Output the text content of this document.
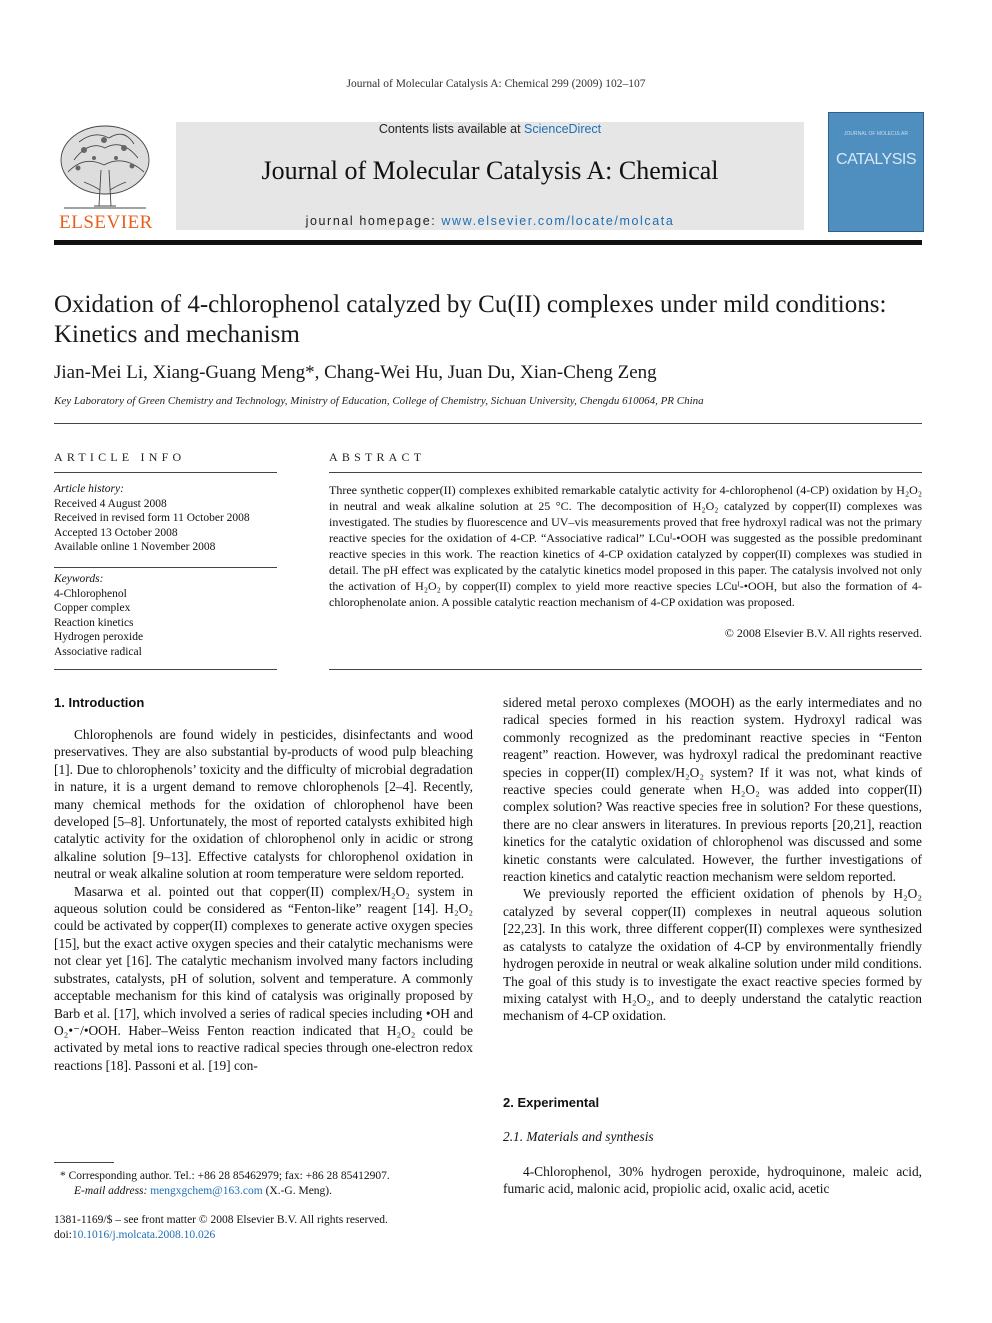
Journal of Molecular Catalysis A: Chemical 299 (2009) 102–107
ELSEVIER
Contents lists available at ScienceDirect
Journal of Molecular Catalysis A: Chemical
journal homepage: www.elsevier.com/locate/molcata
JOURNAL OF MOLECULAR
CATALYSIS
Oxidation of 4-chlorophenol catalyzed by Cu(II) complexes under mild conditions: Kinetics and mechanism
Jian-Mei Li, Xiang-Guang Meng*, Chang-Wei Hu, Juan Du, Xian-Cheng Zeng
Key Laboratory of Green Chemistry and Technology, Ministry of Education, College of Chemistry, Sichuan University, Chengdu 610064, PR China
ARTICLE INFO
Article history:
Received 4 August 2008
Received in revised form 11 October 2008
Accepted 13 October 2008
Available online 1 November 2008
Keywords:
4-Chlorophenol
Copper complex
Reaction kinetics
Hydrogen peroxide
Associative radical
ABSTRACT
Three synthetic copper(II) complexes exhibited remarkable catalytic activity for 4-chlorophenol (4-CP) oxidation by H₂O₂ in neutral and weak alkaline solution at 25 °C. The decomposition of H₂O₂ catalyzed by copper(II) complexes was investigated. The studies by fluorescence and UV–vis measurements proved that free hydroxyl radical was not the primary reactive species for the oxidation of 4-CP. “Associative radical” LCuᴵ-•OOH was suggested as the possible predominant reactive species in this work. The reaction kinetics of 4-CP oxidation catalyzed by copper(II) complexes was studied in detail. The pH effect was explicated by the catalytic kinetics model proposed in this paper. The catalysis involved not only the activation of H₂O₂ by copper(II) complex to yield more reactive species LCuᴵ-•OOH, but also the formation of 4-chlorophenolate anion. A possible catalytic reaction mechanism of 4-CP oxidation was proposed.
© 2008 Elsevier B.V. All rights reserved.
1. Introduction

Chlorophenols are found widely in pesticides, disinfectants and wood preservatives. They are also substantial by-products of wood pulp bleaching [1]. Due to chlorophenols’ toxicity and the difficulty of microbial degradation in nature, it is a urgent demand to remove chlorophenols [2–4]. Recently, many chemical methods for the oxidation of chlorophenol have been developed [5–8]. Unfortunately, the most of reported catalysts exhibited high catalytic activity for the oxidation of chlorophenol only in acidic or strong alkaline solution [9–13]. Effective catalysts for chlorophenol oxidation in neutral or weak alkaline solution at room temperature were seldom reported.

Masarwa et al. pointed out that copper(II) complex/H₂O₂ system in aqueous solution could be considered as “Fenton-like” reagent [14]. H₂O₂ could be activated by copper(II) complexes to generate active oxygen species [15], but the exact active oxygen species and their catalytic mechanisms were not clear yet [16]. The catalytic mechanism involved many factors including substrates, catalysts, pH of solution, solvent and temperature. A commonly acceptable mechanism for this kind of catalysis was originally proposed by Barb et al. [17], which involved a series of radical species including •OH and O₂•⁻/•OOH. Haber–Weiss Fenton reaction indicated that H₂O₂ could be activated by metal ions to reactive radical species through one-electron redox reactions [18]. Passoni et al. [19] con-

sidered metal peroxo complexes (MOOH) as the early intermediates and no radical species formed in his reaction system. Hydroxyl radical was commonly recognized as the predominant reactive species in “Fenton reagent” reaction. However, was hydroxyl radical the predominant reactive species in copper(II) complex/H₂O₂ system? If it was not, what kinds of reactive species could generate when H₂O₂ was added into copper(II) complex solution? Was reactive species free in solution? For these questions, there are no clear answers in literatures. In previous reports [20,21], reaction kinetics for the catalytic oxidation of chlorophenol was discussed and some kinetic constants were calculated. However, the further investigations of reaction kinetics and catalytic reaction mechanism were seldom reported.

We previously reported the efficient oxidation of phenols by H₂O₂ catalyzed by several copper(II) complexes in neutral aqueous solution [22,23]. In this work, three different copper(II) complexes were synthesized as catalysts to catalyze the oxidation of 4-CP by environmentally friendly hydrogen peroxide in neutral or weak alkaline solution under mild conditions. The goal of this study is to investigate the exact reactive species formed by mixing catalyst with H₂O₂, and to deeply understand the catalytic reaction mechanism of 4-CP oxidation.

2. Experimental
2.1. Materials and synthesis

4-Chlorophenol, 30% hydrogen peroxide, hydroquinone, maleic acid, fumaric acid, malonic acid, propiolic acid, oxalic acid, acetic

* Corresponding author. Tel.: +86 28 85462979; fax: +86 28 85412907.
E-mail address: mengxgchem@163.com (X.-G. Meng).
1381-1169/$ – see front matter © 2008 Elsevier B.V. All rights reserved.
doi:10.1016/j.molcata.2008.10.026
